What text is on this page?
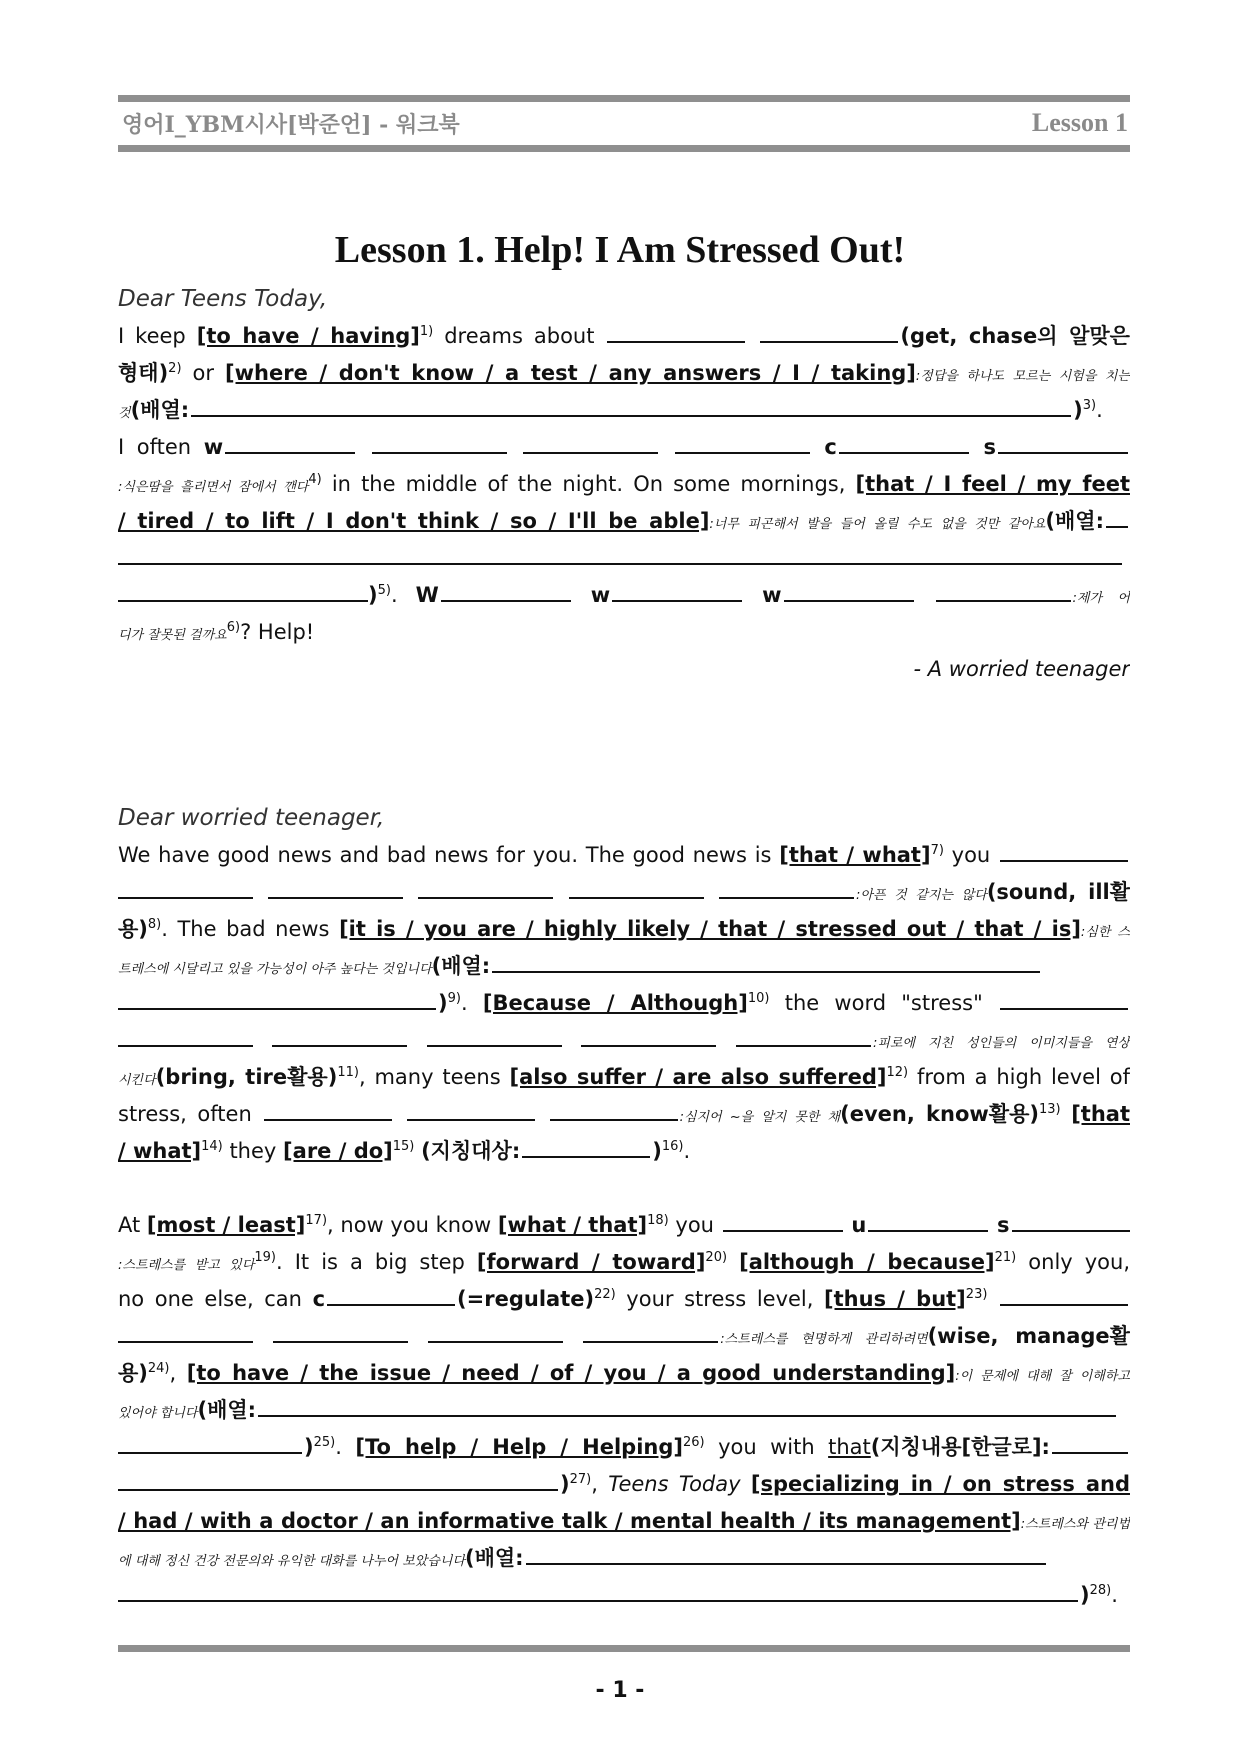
영어I_YBM시사[박준언] - 워크북	Lesson 1
Lesson 1. Help! I Am Stressed Out!
Dear Teens Today,
I keep [to have / having]$^{1)}$ dreams about	(get, chase의 알맞은
형태)$^{2)}$ or [where / don't know / a test / any answers / I / taking]:정답을 하나도 모르는 시험을 치는
것(배열:	)$^{3)}$.
I often w	c	s
:식은땀을 흘리면서 잠에서 깬다$^{4)}$ in the middle of the night. On some mornings, [that / I feel / my feet
/ tired / to lift / I don't think / so / I'll be able]:너무 피곤해서 발을 들어 올릴 수도 없을 것만 같아요(배열:
)$^{5)}$. W	w	w	:제가 어
디가 잘못된 걸까요$^{6)}$? Help!
- A worried teenager
Dear worried teenager,
We have good news and bad news for you. The good news is [that / what]$^{7)}$ you
:아픈 것 같지는 않다(sound, ill활
용)$^{8)}$. The bad news [it is / you are / highly likely / that / stressed out / that / is]:심한 스
트레스에 시달리고 있을 가능성이 아주 높다는 것입니다(배열:
)$^{9)}$. [Because / Although]$^{10)}$ the word "stress"
:피로에 지친 성인들의 이미지들을 연상
시킨다(bring, tire활용)$^{11)}$, many teens [also suffer / are also suffered]$^{12)}$ from a high level of
stress, often	:심지어 ~을 알지 못한 채(even, know활용)$^{13)}$ [that
/ what]$^{14)}$ they [are / do]$^{15)}$ (지칭대상:	)$^{16)}$.
At [most / least]$^{17)}$, now you know [what / that]$^{18)}$ you	u	s
:스트레스를 받고 있다$^{19)}$. It is a big step [forward / toward]$^{20)}$ [although / because]$^{21)}$ only you,
no one else, can c	(=regulate)$^{22)}$ your stress level, [thus / but]$^{23)}$
:스트레스를 현명하게 관리하려면(wise, manage활
용)$^{24)}$, [to have / the issue / need / of / you / a good understanding]:이 문제에 대해 잘 이해하고
있어야 합니다(배열:
)$^{25)}$. [To help / Help / Helping]$^{26)}$ you with that(지칭내용[한글로]:
)$^{27)}$, Teens Today [specializing in / on stress and
/ had / with a doctor / an informative talk / mental health / its management]:스트레스와 관리법
에 대해 정신 건강 전문의와 유익한 대화를 나누어 보았습니다(배열:
)$^{28)}$.
- 1 -
